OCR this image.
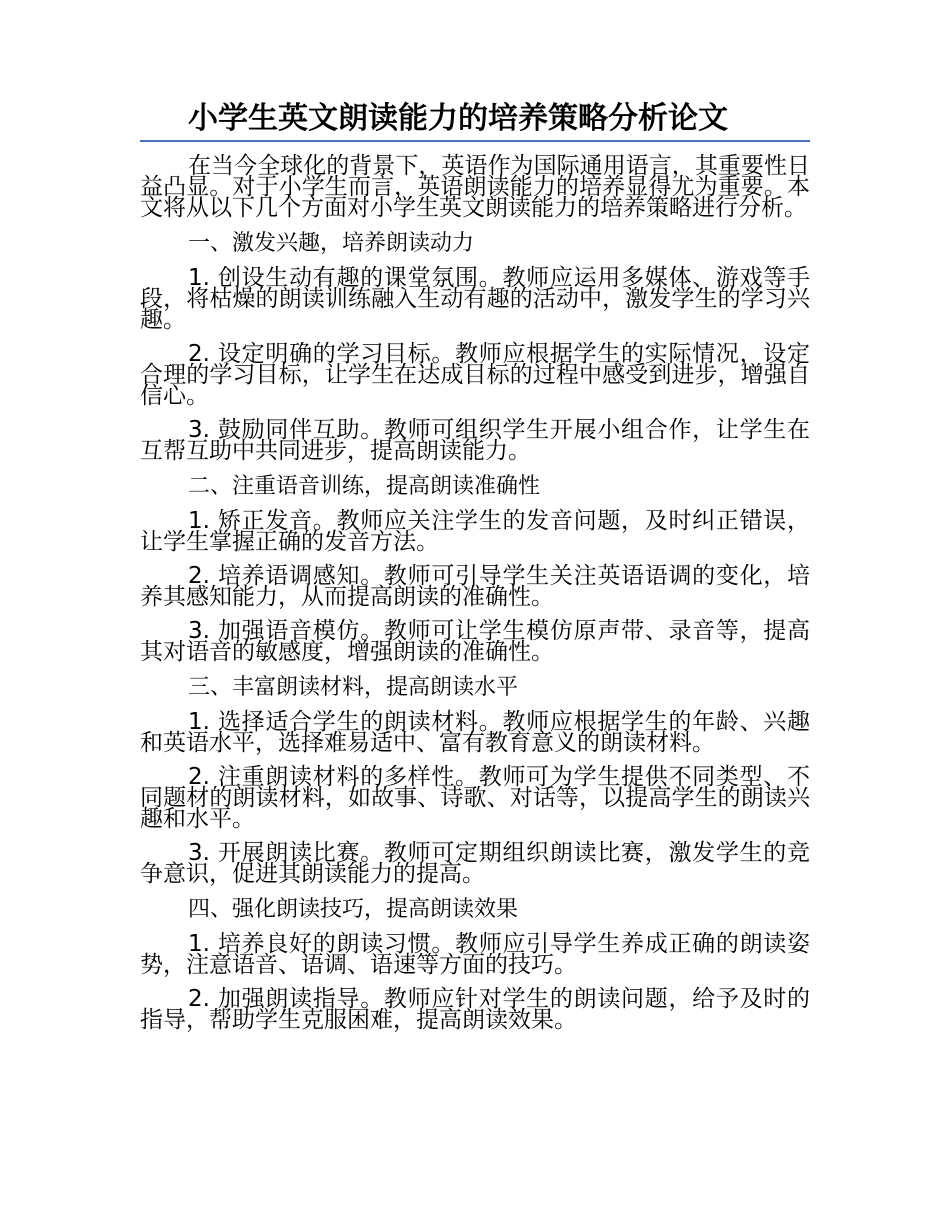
小学生英文朗读能力的培养策略分析论文

在当今全球化的背景下，英语作为国际通用语言，其重要性日益凸显。对于小学生而言，英语朗读能力的培养显得尤为重要。本文将从以下几个方面对小学生英文朗读能力的培养策略进行分析。

一、激发兴趣，培养朗读动力

1. 创设生动有趣的课堂氛围。教师应运用多媒体、游戏等手段，将枯燥的朗读训练融入生动有趣的活动中，激发学生的学习兴趣。

2. 设定明确的学习目标。教师应根据学生的实际情况，设定合理的学习目标，让学生在达成目标的过程中感受到进步，增强自信心。

3. 鼓励同伴互助。教师可组织学生开展小组合作，让学生在互帮互助中共同进步，提高朗读能力。

二、注重语音训练，提高朗读准确性

1. 矫正发音。教师应关注学生的发音问题，及时纠正错误，让学生掌握正确的发音方法。

2. 培养语调感知。教师可引导学生关注英语语调的变化，培养其感知能力，从而提高朗读的准确性。

3. 加强语音模仿。教师可让学生模仿原声带、录音等，提高其对语音的敏感度，增强朗读的准确性。

三、丰富朗读材料，提高朗读水平

1. 选择适合学生的朗读材料。教师应根据学生的年龄、兴趣和英语水平，选择难易适中、富有教育意义的朗读材料。

2. 注重朗读材料的多样性。教师可为学生提供不同类型、不同题材的朗读材料，如故事、诗歌、对话等，以提高学生的朗读兴趣和水平。

3. 开展朗读比赛。教师可定期组织朗读比赛，激发学生的竞争意识，促进其朗读能力的提高。

四、强化朗读技巧，提高朗读效果

1. 培养良好的朗读习惯。教师应引导学生养成正确的朗读姿势，注意语音、语调、语速等方面的技巧。

2. 加强朗读指导。教师应针对学生的朗读问题，给予及时的指导，帮助学生克服困难，提高朗读效果。
